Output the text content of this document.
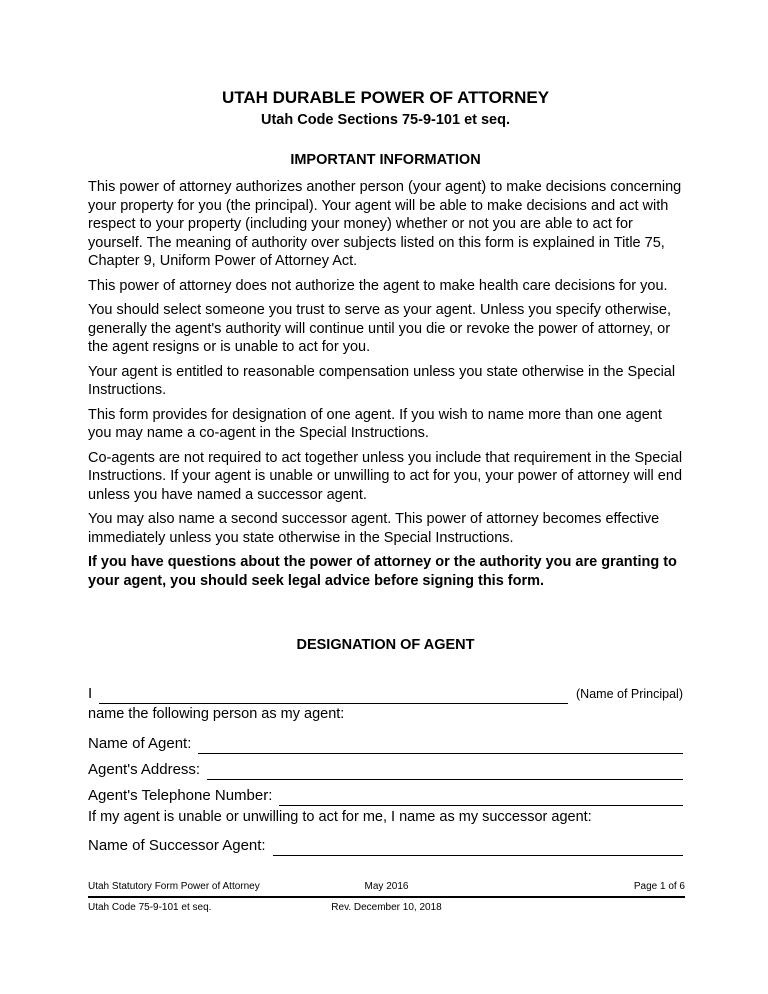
UTAH DURABLE POWER OF ATTORNEY
Utah Code Sections 75-9-101 et seq.
IMPORTANT INFORMATION

This power of attorney authorizes another person (your agent) to make decisions concerning your property for you (the principal). Your agent will be able to make decisions and act with respect to your property (including your money) whether or not you are able to act for yourself. The meaning of authority over subjects listed on this form is explained in Title 75, Chapter 9, Uniform Power of Attorney Act.

This power of attorney does not authorize the agent to make health care decisions for you.

You should select someone you trust to serve as your agent. Unless you specify otherwise, generally the agent's authority will continue until you die or revoke the power of attorney, or the agent resigns or is unable to act for you.

Your agent is entitled to reasonable compensation unless you state otherwise in the Special Instructions.

This form provides for designation of one agent. If you wish to name more than one agent you may name a co-agent in the Special Instructions.

Co-agents are not required to act together unless you include that requirement in the Special Instructions. If your agent is unable or unwilling to act for you, your power of attorney will end unless you have named a successor agent.

You may also name a second successor agent. This power of attorney becomes effective immediately unless you state otherwise in the Special Instructions.

If you have questions about the power of attorney or the authority you are granting to your agent, you should seek legal advice before signing this form.

DESIGNATION OF AGENT
I	(Name of Principal)

name the following person as my agent:

Name of Agent:
Agent's Address:
Agent's Telephone Number:

If my agent is unable or unwilling to act for me, I name as my successor agent:

Name of Successor Agent:
Utah Statutory Form Power of Attorney	May 2016	Page 1 of 6
Utah Code 75-9-101 et seq.	Rev. December 10, 2018
